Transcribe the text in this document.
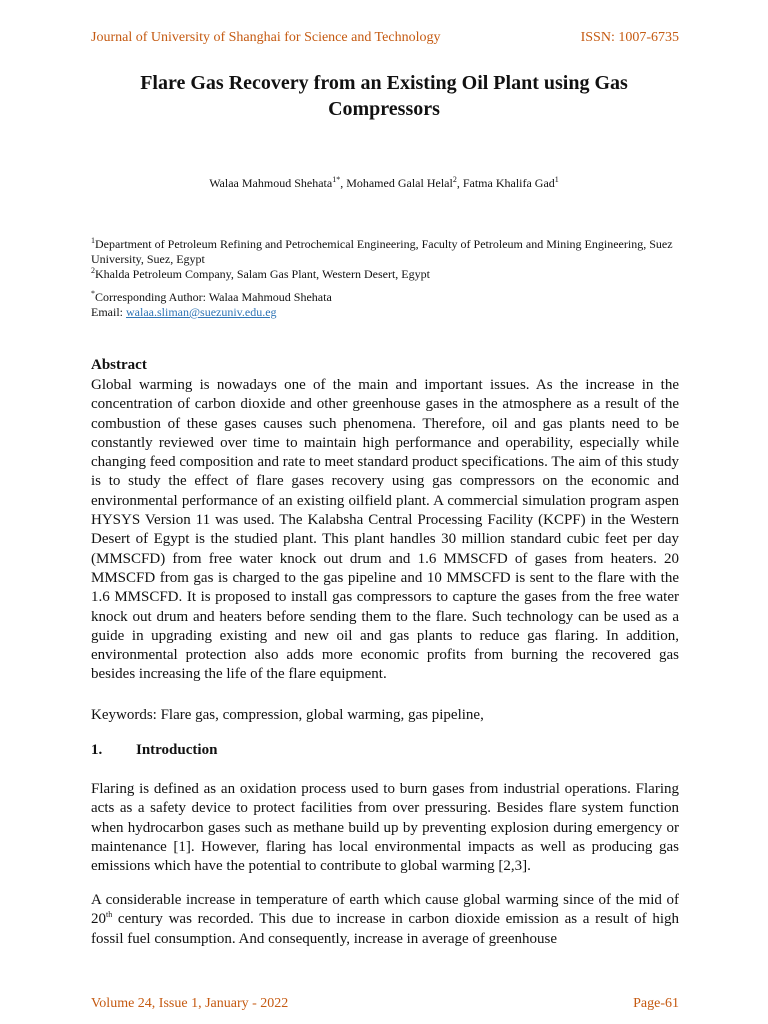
Journal of University of Shanghai for Science and Technology	ISSN: 1007-6735
Flare Gas Recovery from an Existing Oil Plant using Gas Compressors
Walaa Mahmoud Shehata$^{1*}$, Mohamed Galal Helal$^2$, Fatma Khalifa Gad$^1$
$^1$Department of Petroleum Refining and Petrochemical Engineering, Faculty of Petroleum and Mining Engineering, Suez University, Suez, Egypt
$^2$Khalda Petroleum Company, Salam Gas Plant, Western Desert, Egypt
*Corresponding Author: Walaa Mahmoud Shehata
Email: walaa.sliman@suezuniv.edu.eg
Abstract

Global warming is nowadays one of the main and important issues. As the increase in the concentration of carbon dioxide and other greenhouse gases in the atmosphere as a result of the combustion of these gases causes such phenomena. Therefore, oil and gas plants need to be constantly reviewed over time to maintain high performance and operability, especially while changing feed composition and rate to meet standard product specifications. The aim of this study is to study the effect of flare gases recovery using gas compressors on the economic and environmental performance of an existing oilfield plant. A commercial simulation program aspen HYSYS Version 11 was used. The Kalabsha Central Processing Facility (KCPF) in the Western Desert of Egypt is the studied plant. This plant handles 30 million standard cubic feet per day (MMSCFD) from free water knock out drum and 1.6 MMSCFD of gases from heaters. 20 MMSCFD from gas is charged to the gas pipeline and 10 MMSCFD is sent to the flare with the 1.6 MMSCFD. It is proposed to install gas compressors to capture the gases from the free water knock out drum and heaters before sending them to the flare. Such technology can be used as a guide in upgrading existing and new oil and gas plants to reduce gas flaring. In addition, environmental protection also adds more economic profits from burning the recovered gas besides increasing the life of the flare equipment.

Keywords: Flare gas, compression, global warming, gas pipeline,

1. Introduction

Flaring is defined as an oxidation process used to burn gases from industrial operations. Flaring acts as a safety device to protect facilities from over pressuring. Besides flare system function when hydrocarbon gases such as methane build up by preventing explosion during emergency or maintenance [1]. However, flaring has local environmental impacts as well as producing gas emissions which have the potential to contribute to global warming [2,3].

A considerable increase in temperature of earth which cause global warming since of the mid of 20th century was recorded. This due to increase in carbon dioxide emission as a result of high fossil fuel consumption. And consequently, increase in average of greenhouse

Volume 24, Issue 1, January - 2022	Page-61
